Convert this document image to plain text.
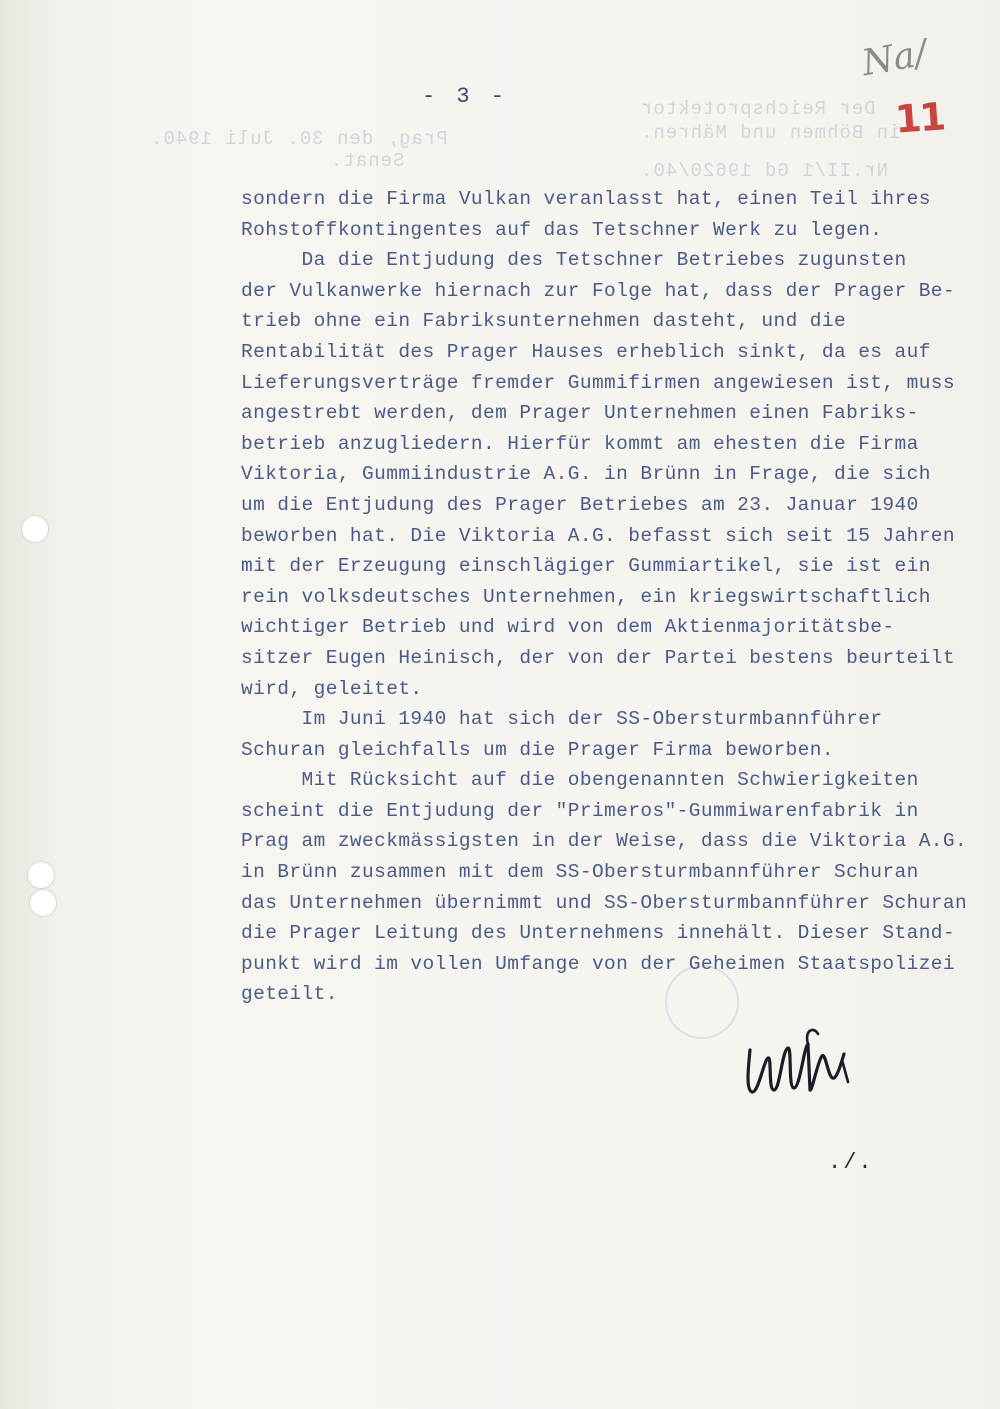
Na/
Der Reichsprotektor
in Böhmen und Mähren.
Prag, den 30. Juli 1940.
Senat.	Nr.II/1 Gd 19620/40.
- 3 -	11

sondern die Firma Vulkan veranlasst hat, einen Teil ihres

Rohstoffkontingentes auf das Tetschner Werk zu legen.

Da die Entjudung des Tetschner Betriebes zugunsten

der Vulkanwerke hiernach zur Folge hat, dass der Prager Be-

trieb ohne ein Fabriksunternehmen dasteht, und die

Rentabilität des Prager Hauses erheblich sinkt, da es auf

Lieferungsverträge fremder Gummifirmen angewiesen ist, muss

angestrebt werden, dem Prager Unternehmen einen Fabriks-

betrieb anzugliedern. Hierfür kommt am ehesten die Firma

Viktoria, Gummiindustrie A.G. in Brünn in Frage, die sich

um die Entjudung des Prager Betriebes am 23. Januar 1940

beworben hat. Die Viktoria A.G. befasst sich seit 15 Jahren

mit der Erzeugung einschlägiger Gummiartikel, sie ist ein

rein volksdeutsches Unternehmen, ein kriegswirtschaftlich

wichtiger Betrieb und wird von dem Aktienmajoritätsbe-

sitzer Eugen Heinisch, der von der Partei bestens beurteilt

wird, geleitet.

Im Juni 1940 hat sich der SS-Obersturmbannführer

Schuran gleichfalls um die Prager Firma beworben.

Mit Rücksicht auf die obengenannten Schwierigkeiten

scheint die Entjudung der "Primeros"-Gummiwarenfabrik in

Prag am zweckmässigsten in der Weise, dass die Viktoria A.G.

in Brünn zusammen mit dem SS-Obersturmbannführer Schuran

das Unternehmen übernimmt und SS-Obersturmbannführer Schuran

die Prager Leitung des Unternehmens innehält. Dieser Stand-

punkt wird im vollen Umfange von der Geheimen Staatspolizei

geteilt.

./.
